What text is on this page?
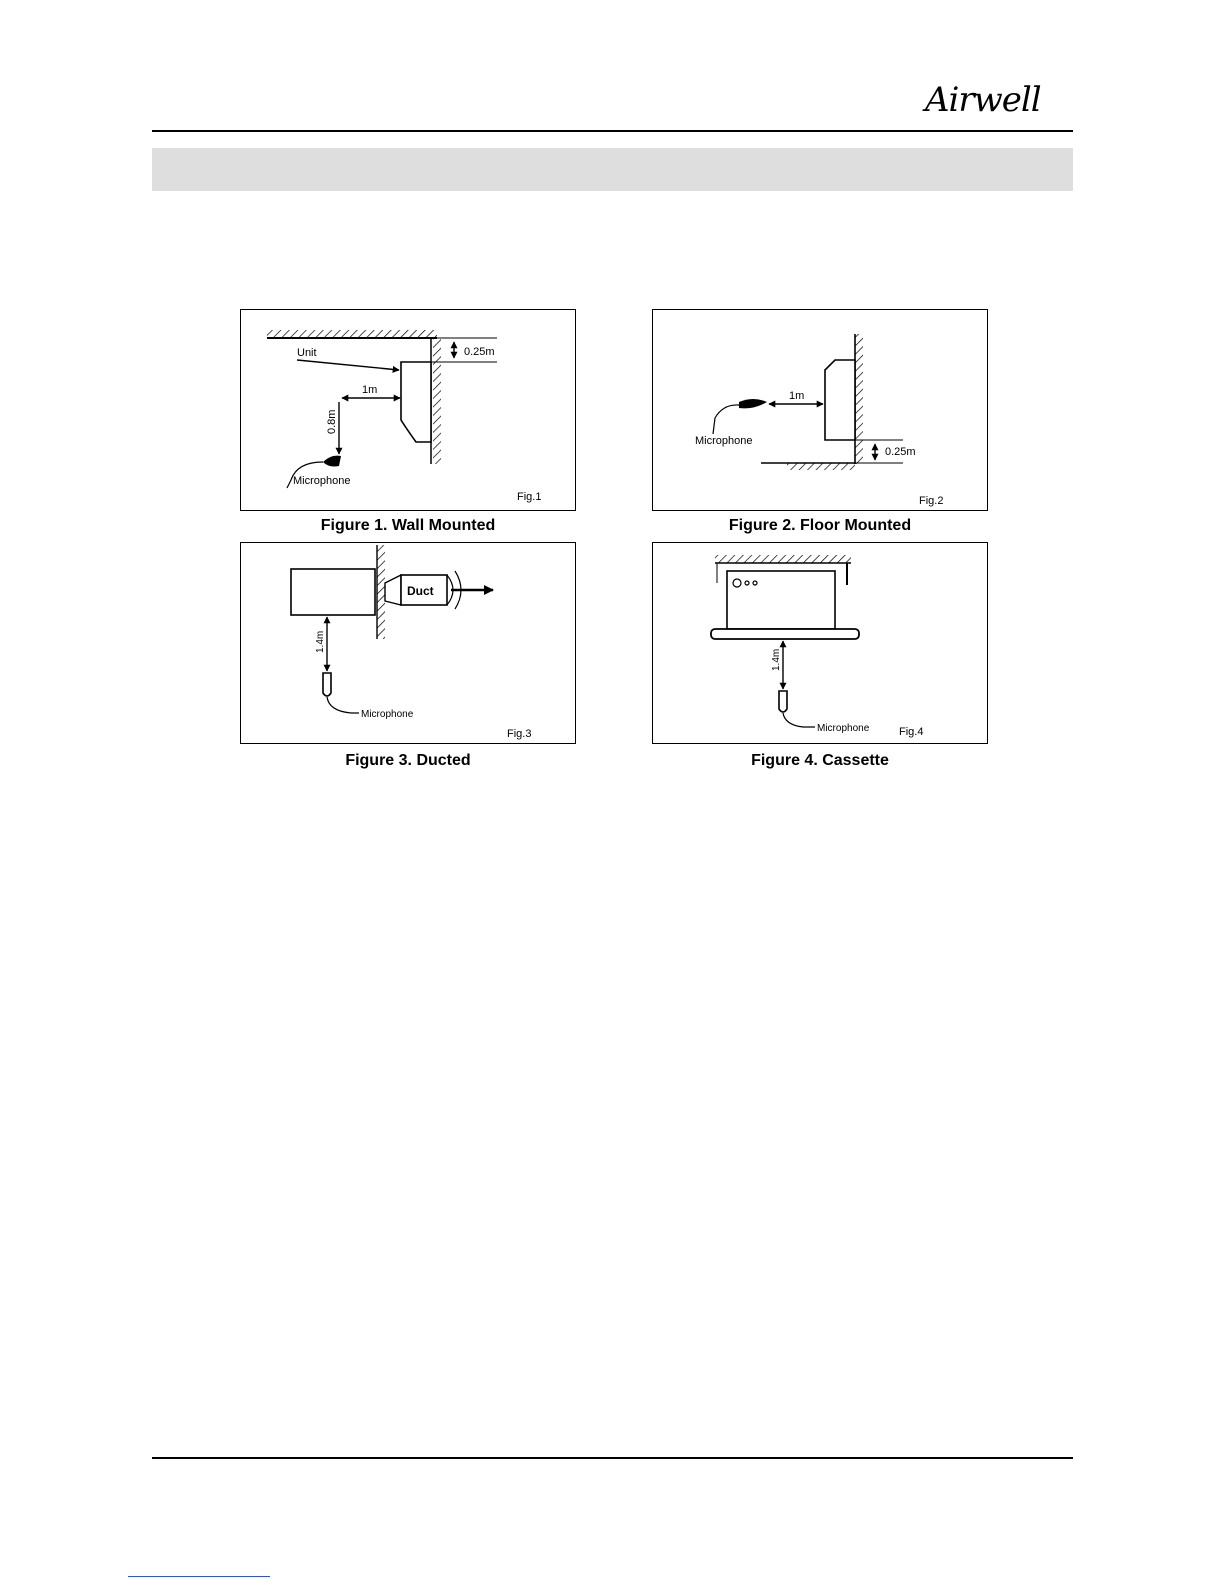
Airwell
0.25m
Unit
1m
0.8m
Microphone
Fig.1
Figure 1. Wall Mounted
0.25m
1m
Microphone
Fig.2
Figure 2. Floor Mounted
Duct
1.4m
Microphone
Fig.3
Figure 3. Ducted
1.4m
Microphone	Fig.4
Figure 4. Cassette
